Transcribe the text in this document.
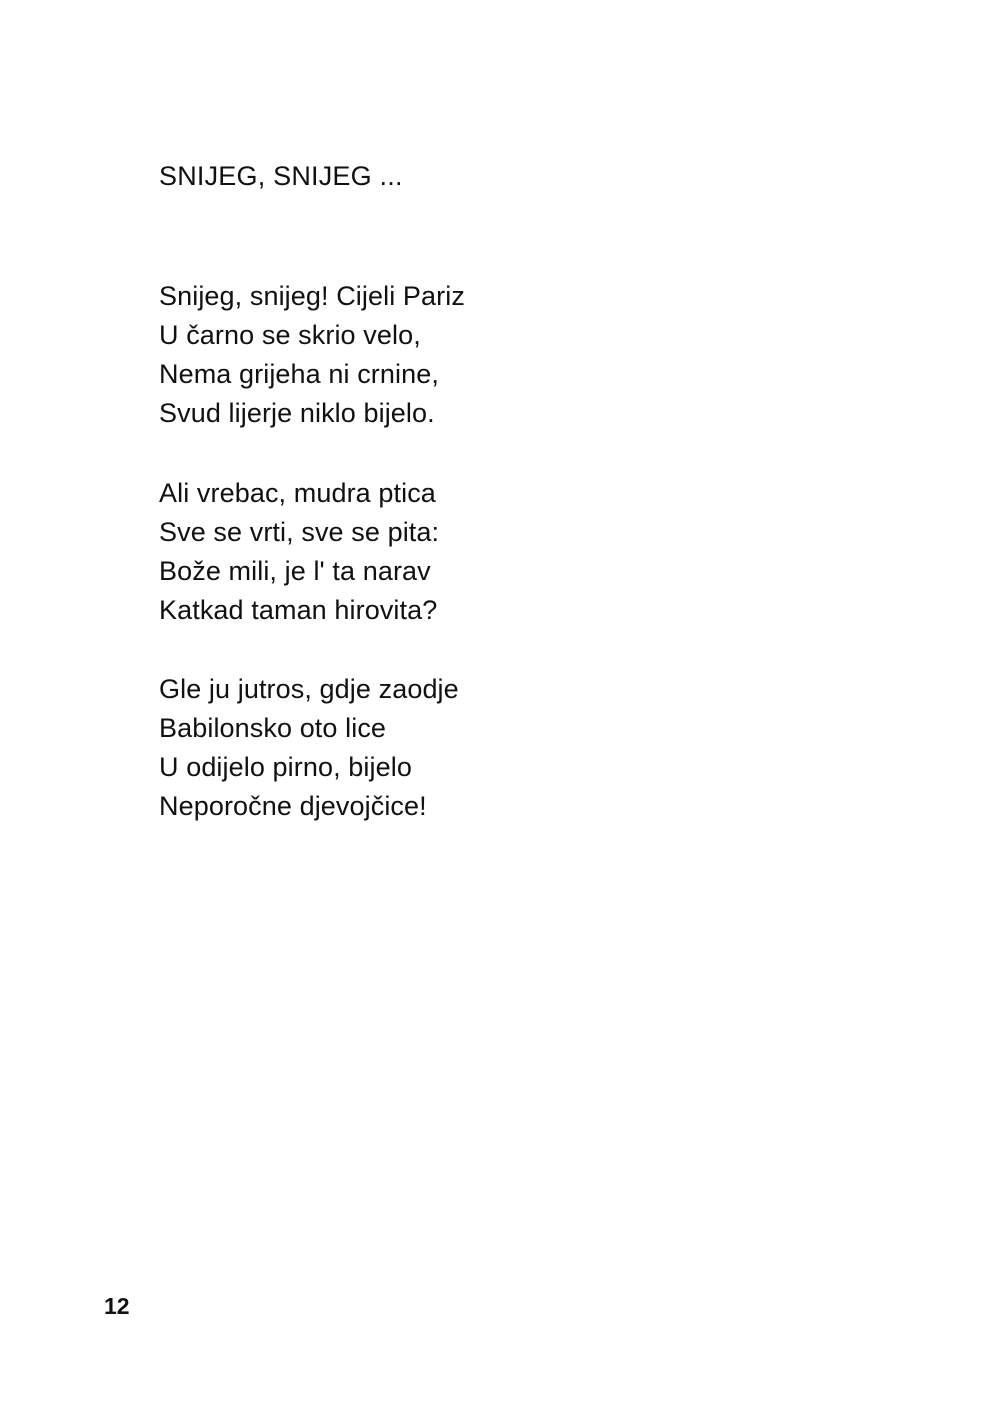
SNIJEG, SNIJEG ...
Snijeg, snijeg! Cijeli Pariz
U čarno se skrio velo,
Nema grijeha ni crnine,
Svud lijerje niklo bijelo.
Ali vrebac, mudra ptica
Sve se vrti, sve se pita:
Bože mili, je l' ta narav
Katkad taman hirovita?
Gle ju jutros, gdje zaodje
Babilonsko oto lice
U odijelo pirno, bijelo
Neporočne djevojčice!
12
